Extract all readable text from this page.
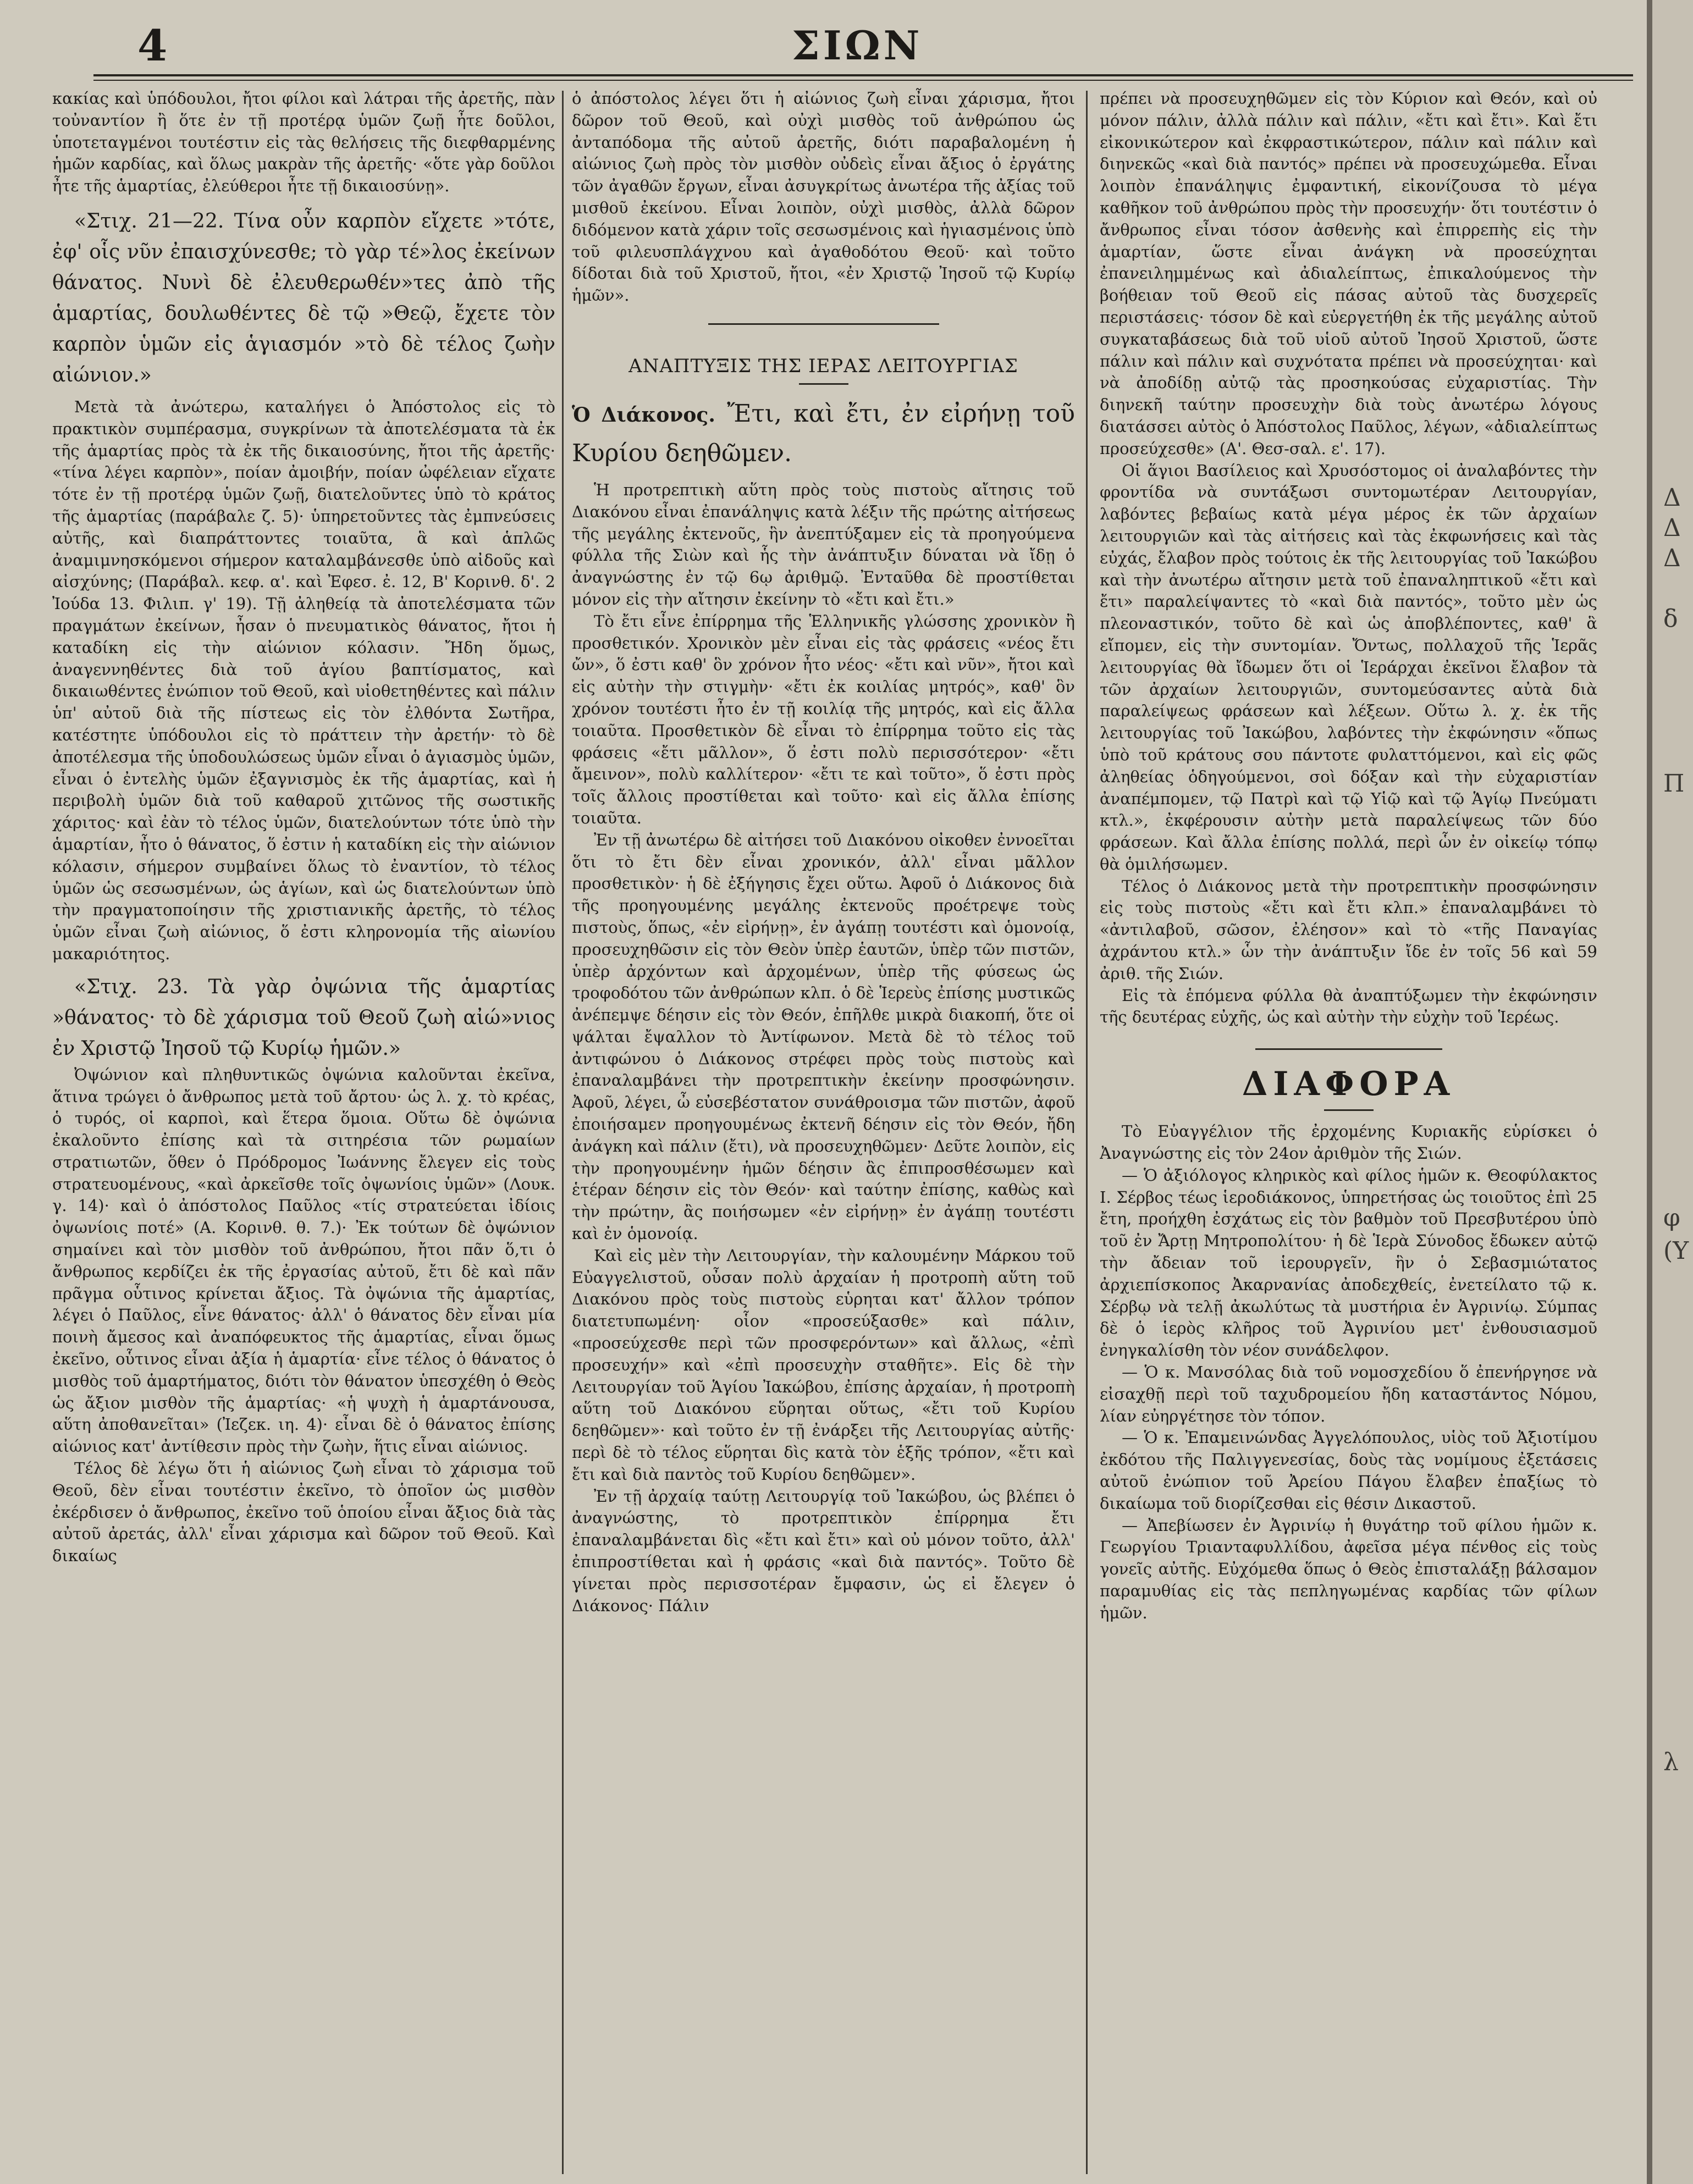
Δ
Δ
Δ
δ
Π
φ
(Υ
λ
4	ΣΙΩΝ

κακίας καὶ ὑπόδουλοι, ἤτοι φίλοι καὶ λάτραι τῆς ἀρετῆς, πὰν τοὐναντίον ἢ ὅτε ἐν τῇ προτέρᾳ ὑμῶν ζωῇ ἦτε δοῦλοι, ὑποτεταγμένοι τουτέστιν εἰς τὰς θελήσεις τῆς διεφθαρμένης ἡμῶν καρδίας, καὶ ὅλως μακρὰν τῆς ἀρετῆς· «ὅτε γὰρ δοῦλοι ἦτε τῆς ἁμαρτίας, ἐλεύθεροι ἦτε τῇ δικαιοσύνῃ».

«Στιχ. 21—22. Τίνα οὖν καρπὸν εἴχετε »τότε, ἐφ' οἷς νῦν ἐπαισχύνεσθε; τὸ γὰρ τέ»λος ἐκείνων θάνατος. Νυνὶ δὲ ἐλευθερωθέν»τες ἀπὸ τῆς ἁμαρτίας, δουλωθέντες δὲ τῷ »Θεῷ, ἔχετε τὸν καρπὸν ὑμῶν εἰς ἁγιασμόν »τὸ δὲ τέλος ζωὴν αἰώνιον.»

Μετὰ τὰ ἀνώτερω, καταλήγει ὁ Ἀπόστολος εἰς τὸ πρακτικὸν συμπέρασμα, συγκρίνων τὰ ἀποτελέσματα τὰ ἐκ τῆς ἁμαρτίας πρὸς τὰ ἐκ τῆς δικαιοσύνης, ἤτοι τῆς ἀρετῆς· «τίνα λέγει καρπὸν», ποίαν ἀμοιβήν, ποίαν ὠφέλειαν εἴχατε τότε ἐν τῇ προτέρᾳ ὑμῶν ζωῇ, διατελοῦντες ὑπὸ τὸ κράτος τῆς ἁμαρτίας (παράβαλε ζ. 5)· ὑπηρετοῦντες τὰς ἐμπνεύσεις αὐτῆς, καὶ διαπράττοντες τοιαῦτα, ἃ καὶ ἁπλῶς ἀναμιμνησκόμενοι σήμερον καταλαμβάνεσθε ὑπὸ αἰδοῦς καὶ αἰσχύνης; (Παράβαλ. κεφ. α'. καὶ Ἐφεσ. ἐ. 12, Β' Κορινθ. δ'. 2 Ἰούδα 13. Φιλιπ. γ' 19). Τῇ ἀληθείᾳ τὰ ἀποτελέσματα τῶν πραγμάτων ἐκείνων, ἦσαν ὁ πνευματικὸς θάνατος, ἤτοι ἡ καταδίκη εἰς τὴν αἰώνιον κόλασιν. Ἤδη ὅμως, ἀναγεννηθέντες διὰ τοῦ ἁγίου βαπτίσματος, καὶ δικαιωθέντες ἐνώπιον τοῦ Θεοῦ, καὶ υἱοθετηθέντες καὶ πάλιν ὑπ' αὐτοῦ διὰ τῆς πίστεως εἰς τὸν ἐλθόντα Σωτῆρα, κατέστητε ὑπόδουλοι εἰς τὸ πράττειν τὴν ἀρετήν· τὸ δὲ ἀποτέλεσμα τῆς ὑποδουλώσεως ὑμῶν εἶναι ὁ ἁγιασμὸς ὑμῶν, εἶναι ὁ ἐντελὴς ὑμῶν ἐξαγνισμὸς ἐκ τῆς ἁμαρτίας, καὶ ἡ περιβολὴ ὑμῶν διὰ τοῦ καθαροῦ χιτῶνος τῆς σωστικῆς χάριτος· καὶ ἐὰν τὸ τέλος ὑμῶν, διατελούντων τότε ὑπὸ τὴν ἁμαρτίαν, ἦτο ὁ θάνατος, ὅ ἐστιν ἡ καταδίκη εἰς τὴν αἰώνιον κόλασιν, σήμερον συμβαίνει ὅλως τὸ ἐναντίον, τὸ τέλος ὑμῶν ὡς σεσωσμένων, ὡς ἁγίων, καὶ ὡς διατελούντων ὑπὸ τὴν πραγματοποίησιν τῆς χριστιανικῆς ἀρετῆς, τὸ τέλος ὑμῶν εἶναι ζωὴ αἰώνιος, ὅ ἐστι κληρονομία τῆς αἰωνίου μακαριότητος.

«Στιχ. 23. Τὰ γὰρ ὀψώνια τῆς ἁμαρτίας »θάνατος· τὸ δὲ χάρισμα τοῦ Θεοῦ ζωὴ αἰώ»νιος ἐν Χριστῷ Ἰησοῦ τῷ Κυρίῳ ἡμῶν.»

Ὀψώνιον καὶ πληθυντικῶς ὀψώνια καλοῦνται ἐκεῖνα, ἅτινα τρώγει ὁ ἄνθρωπος μετὰ τοῦ ἄρτου· ὡς λ. χ. τὸ κρέας, ὁ τυρός, οἱ καρποὶ, καὶ ἕτερα ὅμοια. Οὕτω δὲ ὀψώνια ἐκαλοῦντο ἐπίσης καὶ τὰ σιτηρέσια τῶν ρωμαίων στρατιωτῶν, ὅθεν ὁ Πρόδρομος Ἰωάννης ἔλεγεν εἰς τοὺς στρατευομένους, «καὶ ἀρκεῖσθε τοῖς ὀψωνίοις ὑμῶν» (Λουκ. γ. 14)· καὶ ὁ ἀπόστολος Παῦλος «τίς στρατεύεται ἰδίοις ὀψωνίοις ποτέ» (Α. Κορινθ. θ. 7.)· Ἐκ τούτων δὲ ὀψώνιον σημαίνει καὶ τὸν μισθὸν τοῦ ἀνθρώπου, ἤτοι πᾶν ὅ,τι ὁ ἄνθρωπος κερδίζει ἐκ τῆς ἐργασίας αὐτοῦ, ἔτι δὲ καὶ πᾶν πρᾶγμα οὗτινος κρίνεται ἄξιος. Τὰ ὀψώνια τῆς ἁμαρτίας, λέγει ὁ Παῦλος, εἶνε θάνατος· ἀλλ' ὁ θάνατος δὲν εἶναι μία ποινὴ ἄμεσος καὶ ἀναπόφευκτος τῆς ἁμαρτίας, εἶναι ὅμως ἐκεῖνο, οὗτινος εἶναι ἀξία ἡ ἁμαρτία· εἶνε τέλος ὁ θάνατος ὁ μισθὸς τοῦ ἁμαρτήματος, διότι τὸν θάνατον ὑπεσχέθη ὁ Θεὸς ὡς ἄξιον μισθὸν τῆς ἁμαρτίας· «ἡ ψυχὴ ἡ ἁμαρτάνουσα, αὕτη ἀποθανεῖται» (Ἰεζεκ. ιη. 4)· εἶναι δὲ ὁ θάνατος ἐπίσης αἰώνιος κατ' ἀντίθεσιν πρὸς τὴν ζωὴν, ἥτις εἶναι αἰώνιος.

Τέλος δὲ λέγω ὅτι ἡ αἰώνιος ζωὴ εἶναι τὸ χάρισμα τοῦ Θεοῦ, δὲν εἶναι τουτέστιν ἐκεῖνο, τὸ ὁποῖον ὡς μισθὸν ἐκέρδισεν ὁ ἄνθρωπος, ἐκεῖνο τοῦ ὁποίου εἶναι ἄξιος διὰ τὰς αὐτοῦ ἀρετάς, ἀλλ' εἶναι χάρισμα καὶ δῶρον τοῦ Θεοῦ. Καὶ δικαίως

ὁ ἀπόστολος λέγει ὅτι ἡ αἰώνιος ζωὴ εἶναι χάρισμα, ἤτοι δῶρον τοῦ Θεοῦ, καὶ οὐχὶ μισθὸς τοῦ ἀνθρώπου ὡς ἀνταπόδομα τῆς αὐτοῦ ἀρετῆς, διότι παραβαλομένη ἡ αἰώνιος ζωὴ πρὸς τὸν μισθὸν οὐδεὶς εἶναι ἄξιος ὁ ἐργάτης τῶν ἀγαθῶν ἔργων, εἶναι ἀσυγκρίτως ἀνωτέρα τῆς ἀξίας τοῦ μισθοῦ ἐκείνου. Εἶναι λοιπὸν, οὐχὶ μισθὸς, ἀλλὰ δῶρον διδόμενον κατὰ χάριν τοῖς σεσωσμένοις καὶ ἡγιασμένοις ὑπὸ τοῦ φιλευσπλάγχνου καὶ ἀγαθοδότου Θεοῦ· καὶ τοῦτο δίδοται διὰ τοῦ Χριστοῦ, ἤτοι, «ἐν Χριστῷ Ἰησοῦ τῷ Κυρίῳ ἡμῶν».

ΑΝΑΠΤΥΞΙΣ ΤΗΣ ΙΕΡΑΣ ΛΕΙΤΟΥΡΓΙΑΣ

Ὁ Διάκονος. Ἔτι, καὶ ἔτι, ἐν εἰρήνῃ τοῦ Κυρίου δεηθῶμεν.

Ἡ προτρεπτικὴ αὕτη πρὸς τοὺς πιστοὺς αἴτησις τοῦ Διακόνου εἶναι ἐπανάληψις κατὰ λέξιν τῆς πρώτης αἰτήσεως τῆς μεγάλης ἐκτενοῦς, ἣν ἀνεπτύξαμεν εἰς τὰ προηγούμενα φύλλα τῆς Σιὼν καὶ ἧς τὴν ἀνάπτυξιν δύναται νὰ ἴδῃ ὁ ἀναγνώστης ἐν τῷ 6ῳ ἀριθμῷ. Ἐνταῦθα δὲ προστίθεται μόνον εἰς τὴν αἴτησιν ἐκείνην τὸ «ἔτι καὶ ἔτι.»

Τὸ ἔτι εἶνε ἐπίρρημα τῆς Ἑλληνικῆς γλώσσης χρονικὸν ἢ προσθετικόν. Χρονικὸν μὲν εἶναι εἰς τὰς φράσεις «νέος ἔτι ὤν», ὅ ἐστι καθ' ὃν χρόνον ἦτο νέος· «ἔτι καὶ νῦν», ἤτοι καὶ εἰς αὐτὴν τὴν στιγμὴν· «ἔτι ἐκ κοιλίας μητρός», καθ' ὃν χρόνον τουτέστι ἦτο ἐν τῇ κοιλίᾳ τῆς μητρός, καὶ εἰς ἄλλα τοιαῦτα. Προσθετικὸν δὲ εἶναι τὸ ἐπίρρημα τοῦτο εἰς τὰς φράσεις «ἔτι μᾶλλον», ὅ ἐστι πολὺ περισσότερον· «ἔτι ἄμεινον», πολὺ καλλίτερον· «ἔτι τε καὶ τοῦτο», ὅ ἐστι πρὸς τοῖς ἄλλοις προστίθεται καὶ τοῦτο· καὶ εἰς ἄλλα ἐπίσης τοιαῦτα.

Ἐν τῇ ἀνωτέρω δὲ αἰτήσει τοῦ Διακόνου οἰκοθεν ἐννοεῖται ὅτι τὸ ἔτι δὲν εἶναι χρονικόν, ἀλλ' εἶναι μᾶλλον προσθετικὸν· ἡ δὲ ἐξήγησις ἔχει οὕτω. Ἀφοῦ ὁ Διάκονος διὰ τῆς προηγουμένης μεγάλης ἐκτενοῦς προέτρεψε τοὺς πιστοὺς, ὅπως, «ἐν εἰρήνῃ», ἐν ἀγάπῃ τουτέστι καὶ ὁμονοίᾳ, προσευχηθῶσιν εἰς τὸν Θεὸν ὑπὲρ ἑαυτῶν, ὑπὲρ τῶν πιστῶν, ὑπὲρ ἀρχόντων καὶ ἀρχομένων, ὑπὲρ τῆς φύσεως ὡς τροφοδότου τῶν ἀνθρώπων κλπ. ὁ δὲ Ἱερεὺς ἐπίσης μυστικῶς ἀνέπεμψε δέησιν εἰς τὸν Θεόν, ἐπῆλθε μικρὰ διακοπή, ὅτε οἱ ψάλται ἔψαλλον τὸ Ἀντίφωνον. Μετὰ δὲ τὸ τέλος τοῦ ἀντιφώνου ὁ Διάκονος στρέφει πρὸς τοὺς πιστοὺς καὶ ἐπαναλαμβάνει τὴν προτρεπτικὴν ἐκείνην προσφώνησιν. Ἀφοῦ, λέγει, ὦ εὐσεβέστατον συνάθροισμα τῶν πιστῶν, ἀφοῦ ἐποιήσαμεν προηγουμένως ἐκτενῆ δέησιν εἰς τὸν Θεόν, ἤδη ἀνάγκη καὶ πάλιν (ἔτι), νὰ προσευχηθῶμεν· Δεῦτε λοιπὸν, εἰς τὴν προηγουμένην ἡμῶν δέησιν ἂς ἐπιπροσθέσωμεν καὶ ἑτέραν δέησιν εἰς τὸν Θεόν· καὶ ταύτην ἐπίσης, καθὼς καὶ τὴν πρώτην, ἂς ποιήσωμεν «ἐν εἰρήνῃ» ἐν ἀγάπῃ τουτέστι καὶ ἐν ὁμονοίᾳ.

Καὶ εἰς μὲν τὴν Λειτουργίαν, τὴν καλουμένην Μάρκου τοῦ Εὐαγγελιστοῦ, οὖσαν πολὺ ἀρχαίαν ἡ προτροπὴ αὕτη τοῦ Διακόνου πρὸς τοὺς πιστοὺς εὑρηται κατ' ἄλλον τρόπον διατετυπωμένη· οἷον «προσεύξασθε» καὶ πάλιν, «προσεύχεσθε περὶ τῶν προσφερόντων» καὶ ἄλλως, «ἐπὶ προσευχήν» καὶ «ἐπὶ προσευχὴν σταθῆτε». Εἰς δὲ τὴν Λειτουργίαν τοῦ Ἁγίου Ἰακώβου, ἐπίσης ἀρχαίαν, ἡ προτροπὴ αὕτη τοῦ Διακόνου εὕρηται οὕτως, «ἔτι τοῦ Κυρίου δεηθῶμεν»· καὶ τοῦτο ἐν τῇ ἐνάρξει τῆς Λειτουργίας αὐτῆς· περὶ δὲ τὸ τέλος εὕρηται δὶς κατὰ τὸν ἑξῆς τρόπον, «ἔτι καὶ ἔτι καὶ διὰ παντὸς τοῦ Κυρίου δεηθῶμεν».

Ἐν τῇ ἀρχαίᾳ ταύτῃ Λειτουργίᾳ τοῦ Ἰακώβου, ὡς βλέπει ὁ ἀναγνώστης, τὸ προτρεπτικὸν ἐπίρρημα ἔτι ἐπαναλαμβάνεται δὶς «ἔτι καὶ ἔτι» καὶ οὐ μόνον τοῦτο, ἀλλ' ἐπιπροστίθεται καὶ ἡ φράσις «καὶ διὰ παντός». Τοῦτο δὲ γίνεται πρὸς περισσοτέραν ἔμφασιν, ὡς εἰ ἔλεγεν ὁ Διάκονος· Πάλιν

πρέπει νὰ προσευχηθῶμεν εἰς τὸν Κύριον καὶ Θεόν, καὶ οὐ μόνον πάλιν, ἀλλὰ πάλιν καὶ πάλιν, «ἔτι καὶ ἔτι». Καὶ ἔτι εἰκονικώτερον καὶ ἐκφραστικώτερον, πάλιν καὶ πάλιν καὶ διηνεκῶς «καὶ διὰ παντός» πρέπει νὰ προσευχώμεθα. Εἶναι λοιπὸν ἐπανάληψις ἐμφαντική, εἰκονίζουσα τὸ μέγα καθῆκον τοῦ ἀνθρώπου πρὸς τὴν προσευχήν· ὅτι τουτέστιν ὁ ἄνθρωπος εἶναι τόσον ἀσθενὴς καὶ ἐπιρρεπὴς εἰς τὴν ἁμαρτίαν, ὥστε εἶναι ἀνάγκη νὰ προσεύχηται ἐπανειλημμένως καὶ ἀδιαλείπτως, ἐπικαλούμενος τὴν βοήθειαν τοῦ Θεοῦ εἰς πάσας αὐτοῦ τὰς δυσχερεῖς περιστάσεις· τόσον δὲ καὶ εὐεργετήθη ἐκ τῆς μεγάλης αὐτοῦ συγκαταβάσεως διὰ τοῦ υἱοῦ αὐτοῦ Ἰησοῦ Χριστοῦ, ὥστε πάλιν καὶ πάλιν καὶ συχνότατα πρέπει νὰ προσεύχηται· καὶ νὰ ἀποδίδῃ αὐτῷ τὰς προσηκούσας εὐχαριστίας. Τὴν διηνεκῆ ταύτην προσευχὴν διὰ τοὺς ἀνωτέρω λόγους διατάσσει αὐτὸς ὁ Ἀπόστολος Παῦλος, λέγων, «ἀδιαλείπτως προσεύχεσθε» (Α'. Θεσ-σαλ. ε'. 17).

Οἱ ἅγιοι Βασίλειος καὶ Χρυσόστομος οἱ ἀναλαβόντες τὴν φροντίδα νὰ συντάξωσι συντομωτέραν Λειτουργίαν, λαβόντες βεβαίως κατὰ μέγα μέρος ἐκ τῶν ἀρχαίων λειτουργιῶν καὶ τὰς αἰτήσεις καὶ τὰς ἐκφωνήσεις καὶ τὰς εὐχάς, ἔλαβον πρὸς τούτοις ἐκ τῆς λειτουργίας τοῦ Ἰακώβου καὶ τὴν ἀνωτέρω αἴτησιν μετὰ τοῦ ἐπαναληπτικοῦ «ἔτι καὶ ἔτι» παραλείψαντες τὸ «καὶ διὰ παντός», τοῦτο μὲν ὡς πλεοναστικόν, τοῦτο δὲ καὶ ὡς ἀποβλέποντες, καθ' ἃ εἴπομεν, εἰς τὴν συντομίαν. Ὄντως, πολλαχοῦ τῆς Ἱερᾶς λειτουργίας θὰ ἴδωμεν ὅτι οἱ Ἱεράρχαι ἐκεῖνοι ἔλαβον τὰ τῶν ἀρχαίων λειτουργιῶν, συντομεύσαντες αὐτὰ διὰ παραλείψεως φράσεων καὶ λέξεων. Οὕτω λ. χ. ἐκ τῆς λειτουργίας τοῦ Ἰακώβου, λαβόντες τὴν ἐκφώνησιν «ὅπως ὑπὸ τοῦ κράτους σου πάντοτε φυλαττόμενοι, καὶ εἰς φῶς ἀληθείας ὁδηγούμενοι, σοὶ δόξαν καὶ τὴν εὐχαριστίαν ἀναπέμπομεν, τῷ Πατρὶ καὶ τῷ Υἱῷ καὶ τῷ Ἁγίῳ Πνεύματι κτλ.», ἐκφέρουσιν αὐτὴν μετὰ παραλείψεως τῶν δύο φράσεων. Καὶ ἄλλα ἐπίσης πολλά, περὶ ὧν ἐν οἰκείῳ τόπῳ θὰ ὁμιλήσωμεν.

Τέλος ὁ Διάκονος μετὰ τὴν προτρεπτικὴν προσφώνησιν εἰς τοὺς πιστοὺς «ἔτι καὶ ἔτι κλπ.» ἐπαναλαμβάνει τὸ «ἀντιλαβοῦ, σῶσον, ἐλέησον» καὶ τὸ «τῆς Παναγίας ἀχράντου κτλ.» ὧν τὴν ἀνάπτυξιν ἴδε ἐν τοῖς 56 καὶ 59 ἀριθ. τῆς Σιών.

Εἰς τὰ ἑπόμενα φύλλα θὰ ἀναπτύξωμεν τὴν ἐκφώνησιν τῆς δευτέρας εὐχῆς, ὡς καὶ αὐτὴν τὴν εὐχὴν τοῦ Ἱερέως.

ΔΙΑΦΟΡΑ

Τὸ Εὐαγγέλιον τῆς ἐρχομένης Κυριακῆς εὑρίσκει ὁ Ἀναγνώστης εἰς τὸν 24ον ἀριθμὸν τῆς Σιών.

— Ὁ ἀξιόλογος κληρικὸς καὶ φίλος ἡμῶν κ. Θεοφύλακτος Ι. Σέρβος τέως ἱεροδιάκονος, ὑπηρετήσας ὡς τοιοῦτος ἐπὶ 25 ἔτη, προήχθη ἐσχάτως εἰς τὸν βαθμὸν τοῦ Πρεσβυτέρου ὑπὸ τοῦ ἐν Ἄρτῃ Μητροπολίτου· ἡ δὲ Ἱερὰ Σύνοδος ἔδωκεν αὐτῷ τὴν ἄδειαν τοῦ ἱερουργεῖν, ἣν ὁ Σεβασμιώτατος ἀρχιεπίσκοπος Ἀκαρνανίας ἀποδεχθείς, ἐνετείλατο τῷ κ. Σέρβῳ νὰ τελῇ ἀκωλύτως τὰ μυστήρια ἐν Ἀγρινίῳ. Σύμπας δὲ ὁ ἱερὸς κλῆρος τοῦ Ἀγρινίου μετ' ἐνθουσιασμοῦ ἐνηγκαλίσθη τὸν νέον συνάδελφον.

— Ὁ κ. Μανσόλας διὰ τοῦ νομοσχεδίου ὅ ἐπενήργησε νὰ εἰσαχθῇ περὶ τοῦ ταχυδρομείου ἤδη καταστάντος Νόμου, λίαν εὐηργέτησε τὸν τόπον.

— Ὁ κ. Ἐπαμεινώνδας Ἀγγελόπουλος, υἱὸς τοῦ Ἀξιοτίμου ἐκδότου τῆς Παλιγγενεσίας, δοὺς τὰς νομίμους ἐξετάσεις αὐτοῦ ἐνώπιον τοῦ Ἀρείου Πάγου ἔλαβεν ἐπαξίως τὸ δικαίωμα τοῦ διορίζεσθαι εἰς θέσιν Δικαστοῦ.

— Ἀπεβίωσεν ἐν Ἀγρινίῳ ἡ θυγάτηρ τοῦ φίλου ἡμῶν κ. Γεωργίου Τριανταφυλλίδου, ἀφεῖσα μέγα πένθος εἰς τοὺς γονεῖς αὐτῆς. Εὐχόμεθα ὅπως ὁ Θεὸς ἐπισταλάξῃ βάλσαμον παραμυθίας εἰς τὰς πεπληγωμένας καρδίας τῶν φίλων ἡμῶν.
